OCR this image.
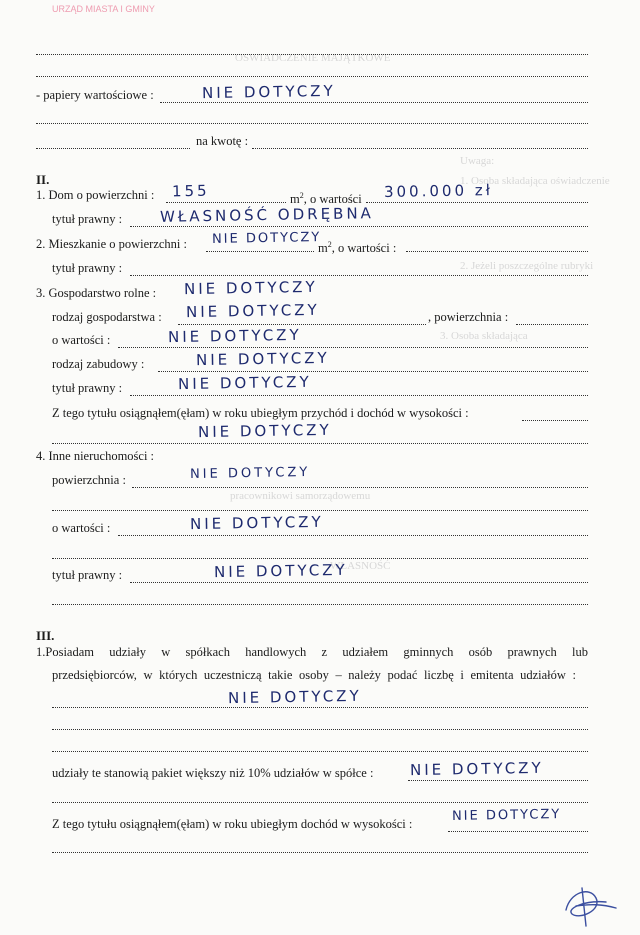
URZĄD MIASTA I GMINY
OSWIADCZENIE MAJĄTKOWE
Uwaga:
1. Osoba składająca oświadczenie
2. Jeżeli poszczególne rubryki
3. Osoba składająca
pracownikowi samorządowemu
WŁASNOŚĆ
- papiery wartościowe :	NIE DOTYCZY
na kwotę :
II.
1. Dom o powierzchni : 155	$m^2$, o wartości 300.000 zł
tytuł prawny :	WŁASNOŚĆ ODRĘBNA
2. Mieszkanie o powierzchni : NIE DOTYCZY
$m^2$, o wartości :
tytuł prawny :
3. Gospodarstwo rolne : NIE DOTYCZY
rodzaj gospodarstwa : NIE DOTYCZY	, powierzchnia :
o wartości :	NIE DOTYCZY
rodzaj zabudowy :	NIE DOTYCZY
tytuł prawny :	NIE DOTYCZY
Z tego tytułu osiągnąłem(ęłam) w roku ubiegłym przychód i dochód w wysokości :
NIE DOTYCZY
4. Inne nieruchomości :
powierzchnia :	NIE DOTYCZY
o wartości :	NIE DOTYCZY
tytuł prawny :	NIE DOTYCZY
III.
1.Posiadam udziały w spółkach handlowych z udziałem gminnych osób prawnych lub
przedsiębiorców, w których uczestniczą takie osoby – należy podać liczbę i emitenta udziałów :
NIE DOTYCZY
udziały te stanowią pakiet większy niż 10% udziałów w spółce : NIE DOTYCZY
Z tego tytułu osiągnąłem(ęłam) w roku ubiegłym dochód w wysokości :
NIE DOTYCZY
